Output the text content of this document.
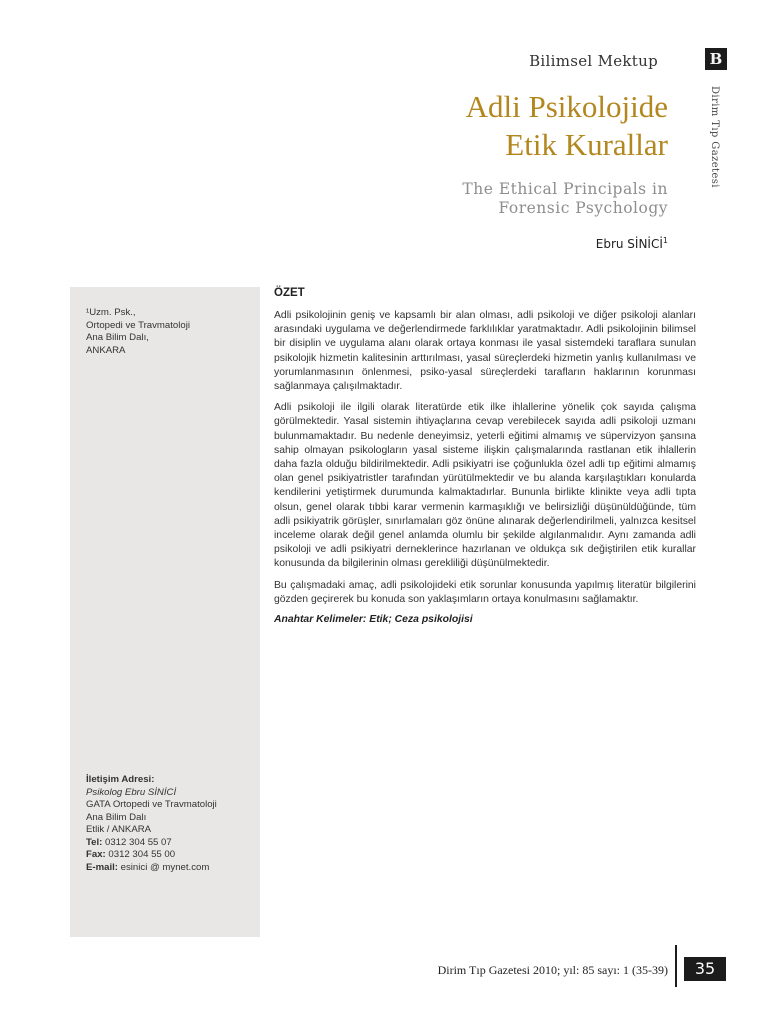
Bilimsel Mektup	B
Dirim Tıp Gazetesi
Adli Psikolojide
Etik Kurallar
The Ethical Principals in
Forensic Psychology
Ebru SİNİCİ$^1$
¹Uzm. Psk.,
Ortopedi ve Travmatoloji
Ana Bilim Dalı,
ANKARA
İletişim Adresi:
Psikolog Ebru SİNİCİ
GATA Ortopedi ve Travmatoloji
Ana Bilim Dalı
Etlik / ANKARA
Tel: 0312 304 55 07
Fax: 0312 304 55 00
E-mail: esinici @ mynet.com
ÖZET

Adli psikolojinin geniş ve kapsamlı bir alan olması, adli psikoloji ve diğer psikoloji alanları arasındaki uygulama ve değerlendirmede farklılıklar yaratmaktadır. Adli psikolojinin bilimsel bir disiplin ve uygulama alanı olarak ortaya konması ile yasal sistemdeki taraflara sunulan psikolojik hizmetin kalitesinin arttırılması, yasal süreçlerdeki hizmetin yanlış kullanılması ve yorumlanmasının önlenmesi, psiko-yasal süreçlerdeki tarafların haklarının korunması sağlanmaya çalışılmaktadır.

Adli psikoloji ile ilgili olarak literatürde etik ilke ihlallerine yönelik çok sayıda çalışma görülmektedir. Yasal sistemin ihtiyaçlarına cevap verebilecek sayıda adli psikoloji uzmanı bulunmamaktadır. Bu nedenle deneyimsiz, yeterli eğitimi almamış ve süpervizyon şansına sahip olmayan psikologların yasal sisteme ilişkin çalışmalarında rastlanan etik ihlallerin daha fazla olduğu bildirilmektedir. Adli psikiyatri ise çoğunlukla özel adli tıp eğitimi almamış olan genel psikiyatristler tarafından yürütülmektedir ve bu alanda karşılaştıkları konularda kendilerini yetiştirmek durumunda kalmaktadırlar. Bununla birlikte klinikte veya adli tıpta olsun, genel olarak tıbbi karar vermenin karmaşıklığı ve belirsizliği düşünüldüğünde, tüm adli psikiyatrik görüşler, sınırlamaları göz önüne alınarak değerlendirilmeli, yalnızca kesitsel inceleme olarak değil genel anlamda olumlu bir şekilde algılanmalıdır. Aynı zamanda adli psikoloji ve adli psikiyatri derneklerince hazırlanan ve oldukça sık değiştirilen etik kurallar konusunda da bilgilerinin olması gerekliliği düşünülmektedir.

Bu çalışmadaki amaç, adli psikolojideki etik sorunlar konusunda yapılmış literatür bilgilerini gözden geçirerek bu konuda son yaklaşımların ortaya konulmasını sağlamaktır.

Anahtar Kelimeler: Etik; Ceza psikolojisi
Dirim Tıp Gazetesi 2010; yıl: 85 sayı: 1 (35-39)	35
